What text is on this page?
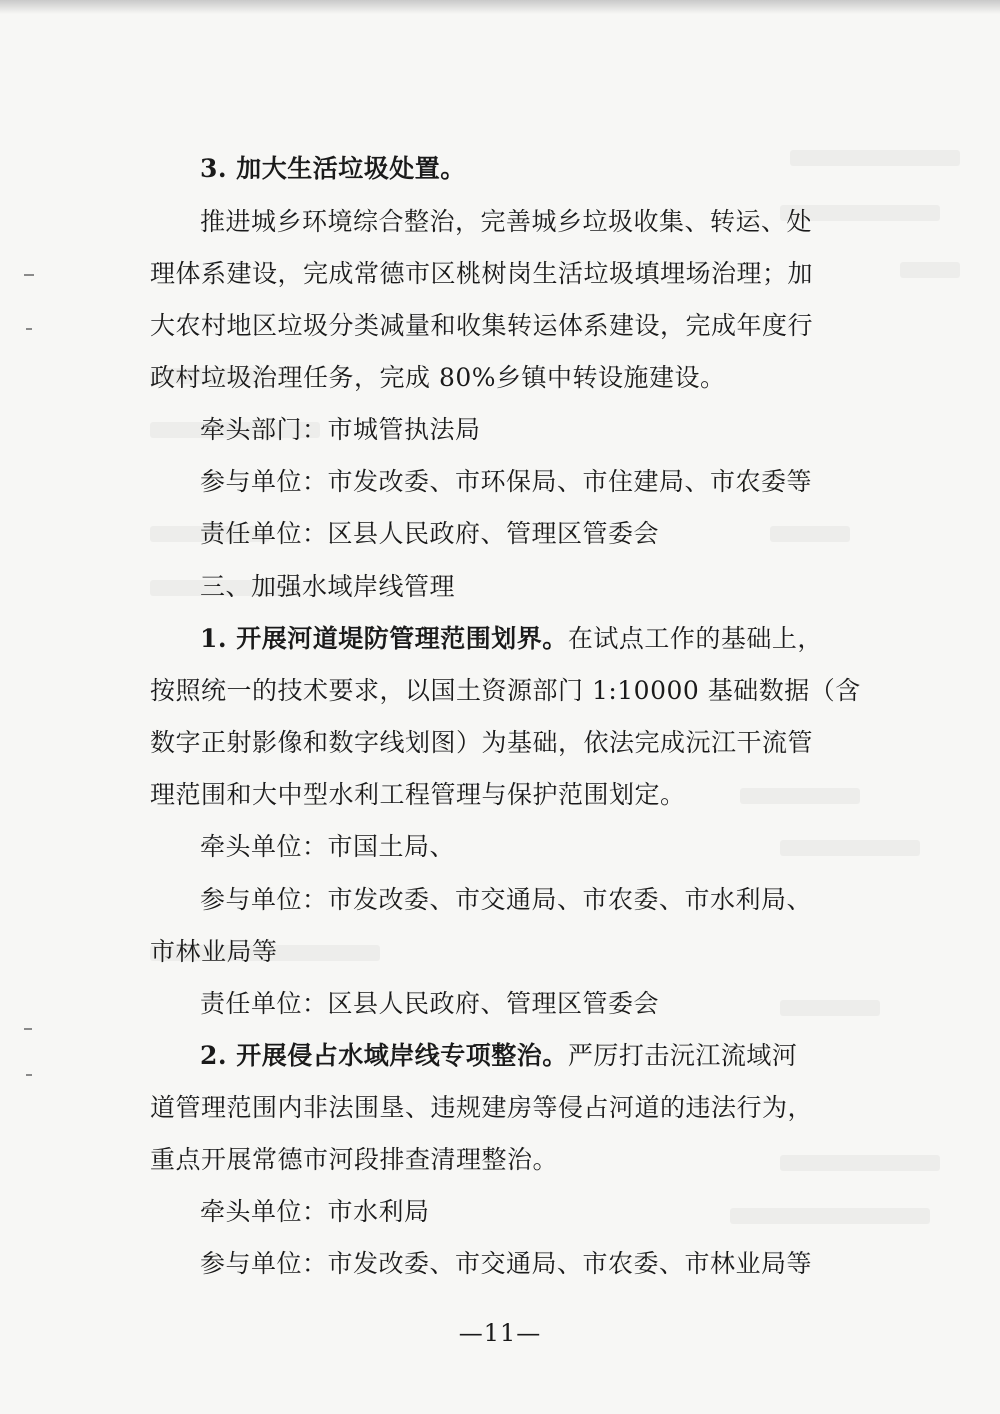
3. 加大生活垃圾处置。
推进城乡环境综合整治，完善城乡垃圾收集、转运、处
理体系建设，完成常德市区桃树岗生活垃圾填埋场治理；加
大农村地区垃圾分类减量和收集转运体系建设，完成年度行
政村垃圾治理任务，完成 80%乡镇中转设施建设。
牵头部门：市城管执法局
参与单位：市发改委、市环保局、市住建局、市农委等
责任单位：区县人民政府、管理区管委会
三、加强水域岸线管理
1. 开展河道堤防管理范围划界。在试点工作的基础上，
按照统一的技术要求，以国土资源部门 1:10000 基础数据（含
数字正射影像和数字线划图）为基础，依法完成沅江干流管
理范围和大中型水利工程管理与保护范围划定。
牵头单位：市国土局、
参与单位：市发改委、市交通局、市农委、市水利局、
市林业局等
责任单位：区县人民政府、管理区管委会
2. 开展侵占水域岸线专项整治。严厉打击沅江流域河
道管理范围内非法围垦、违规建房等侵占河道的违法行为，
重点开展常德市河段排查清理整治。
牵头单位：市水利局
参与单位：市发改委、市交通局、市农委、市林业局等
—11—
